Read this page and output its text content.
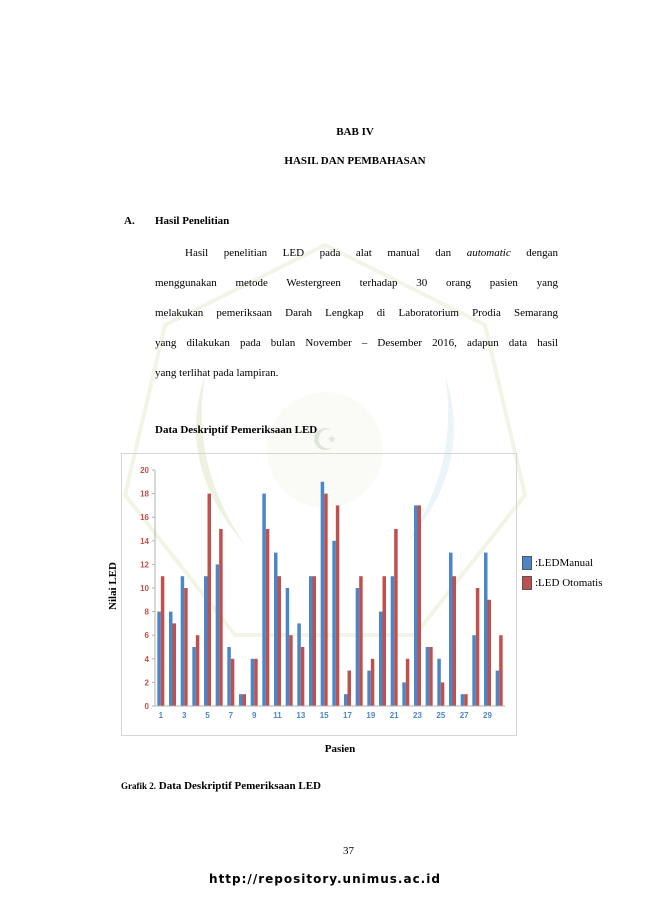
☪
BAB IV
HASIL DAN PEMBAHASAN
A. Hasil Penelitian
Hasil penelitian LED pada alat manual dan automatic dengan
menggunakan metode Westergreen terhadap 30 orang pasien yang
melakukan pemeriksaan Darah Lengkap di Laboratorium Prodia Semarang
yang dilakukan pada bulan November – Desember 2016, adapun data hasil
yang terlihat pada lampiran.
Data Deskriptif Pemeriksaan LED
0
2
4
6
8
10
12
14
16
18
20
1 3 5 7 9 11 13 15 17 19 21 23 25 27 29
Nilai LED
Pasien
:LEDManual
:LED Otomatis
Grafik 2. Data Deskriptif Pemeriksaan LED
37
http://repository.unimus.ac.id
